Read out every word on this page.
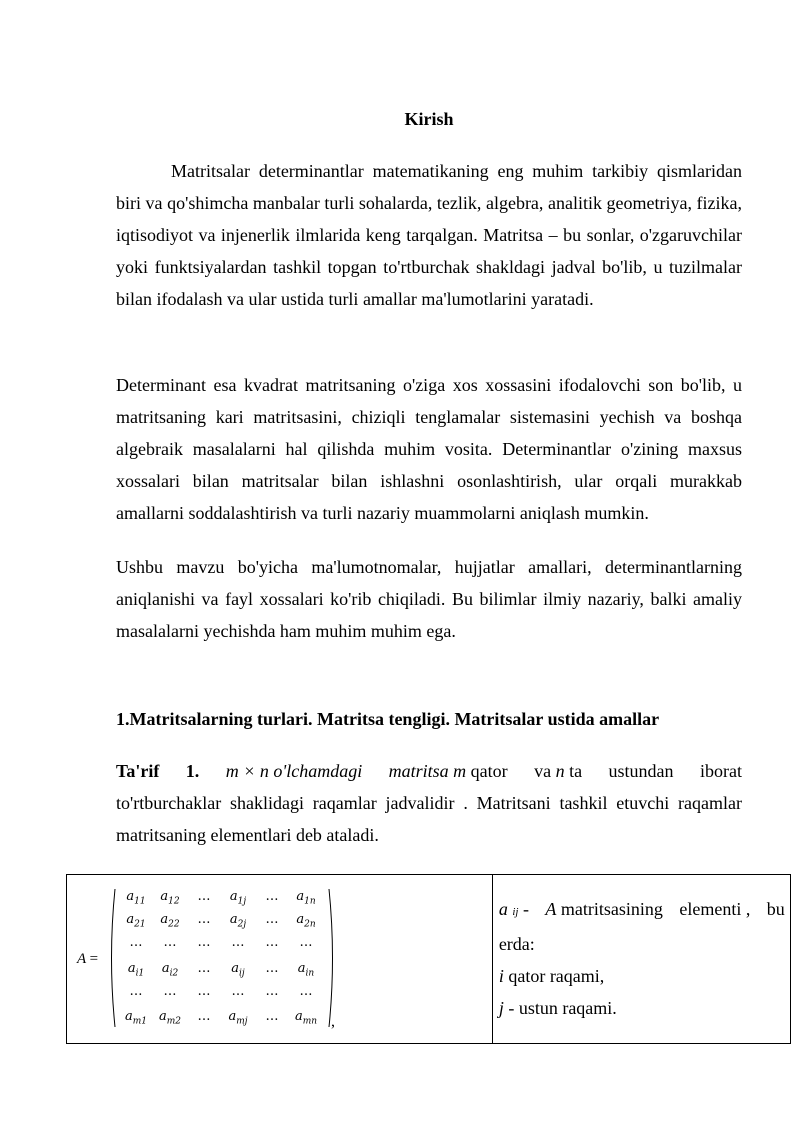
Kirish

Matritsalar determinantlar matematikaning eng muhim tarkibiy qismlaridan biri va qo'shimcha manbalar turli sohalarda, tezlik, algebra, analitik geometriya, fizika, iqtisodiyot va injenerlik ilmlarida keng tarqalgan. Matritsa – bu sonlar, o'zgaruvchilar yoki funktsiyalardan tashkil topgan to'rtburchak shakldagi jadval bo'lib, u tuzilmalar bilan ifodalash va ular ustida turli amallar ma'lumotlarini yaratadi.

Determinant esa kvadrat matritsaning o'ziga xos xossasini ifodalovchi son bo'lib, u matritsaning kari matritsasini, chiziqli tenglamalar sistemasini yechish va boshqa algebraik masalalarni hal qilishda muhim vosita. Determinantlar o'zining maxsus xossalari bilan matritsalar bilan ishlashni osonlashtirish, ular orqali murakkab amallarni soddalashtirish va turli nazariy muammolarni aniqlash mumkin.

Ushbu mavzu bo'yicha ma'lumotnomalar, hujjatlar amallari, determinantlarning aniqlanishi va fayl xossalari ko'rib chiqiladi. Bu bilimlar ilmiy nazariy, balki amaliy masalalarni yechishda ham muhim muhim ega.

1.Matritsalarning turlari. Matritsa tengligi. Matritsalar ustida amallar

Ta'rif 1. m × n o'lchamdagi matritsa m qator va n ta ustundan iborat
to'rtburchaklar shaklidagi raqamlar jadvalidir . Matritsani tashkil etuvchi raqamlar matritsaning elementlari deb ataladi.
A =
$a_{11}$	$a_{12}$	…	$a_{1j}$	…	$a_{1n}$
$a_{21}$	$a_{22}$	…	$a_{2j}$	…	$a_{2n}$
…	…	…	…	…	…
$a_{i1}$	$a_{i2}$	…	$a_{ij}$	…	$a_{in}$
…	…	…	…	…	…
$a_{m1}$ $a_{m2}$	…	$a_{mj}$	…	$a_{mn}$ ,

a ij - A matritsasining elementi , bu
erda:
i qator raqami,
j - ustun raqami.
